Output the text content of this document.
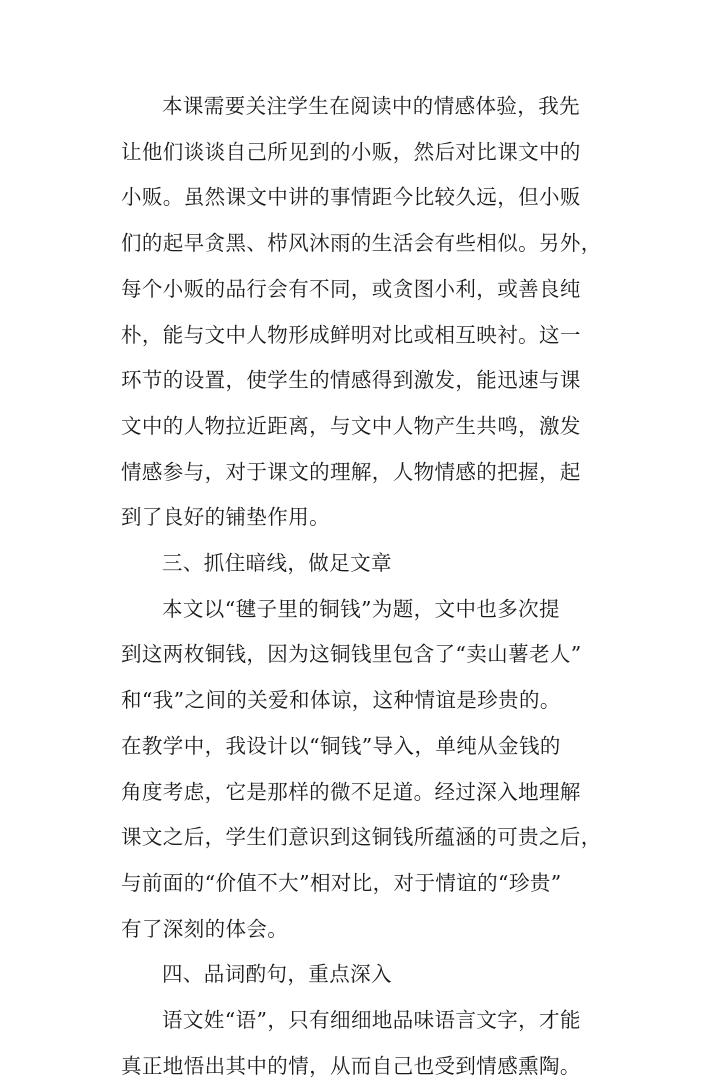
本课需要关注学生在阅读中的情感体验，我先
让他们谈谈自己所见到的小贩，然后对比课文中的
小贩。虽然课文中讲的事情距今比较久远，但小贩
们的起早贪黑、栉风沐雨的生活会有些相似。另外，
每个小贩的品行会有不同，或贪图小利，或善良纯
朴，能与文中人物形成鲜明对比或相互映衬。这一
环节的设置，使学生的情感得到激发，能迅速与课
文中的人物拉近距离，与文中人物产生共鸣，激发
情感参与，对于课文的理解，人物情感的把握，起
到了良好的铺垫作用。
三、抓住暗线，做足文章
本文以“毽子里的铜钱”为题，文中也多次提
到这两枚铜钱，因为这铜钱里包含了“卖山薯老人”
和“我”之间的关爱和体谅，这种情谊是珍贵的。
在教学中，我设计以“铜钱”导入，单纯从金钱的
角度考虑，它是那样的微不足道。经过深入地理解
课文之后，学生们意识到这铜钱所蕴涵的可贵之后，
与前面的“价值不大”相对比，对于情谊的“珍贵”
有了深刻的体会。
四、品词酌句，重点深入
语文姓“语”，只有细细地品味语言文字，才能
真正地悟出其中的情，从而自己也受到情感熏陶。
